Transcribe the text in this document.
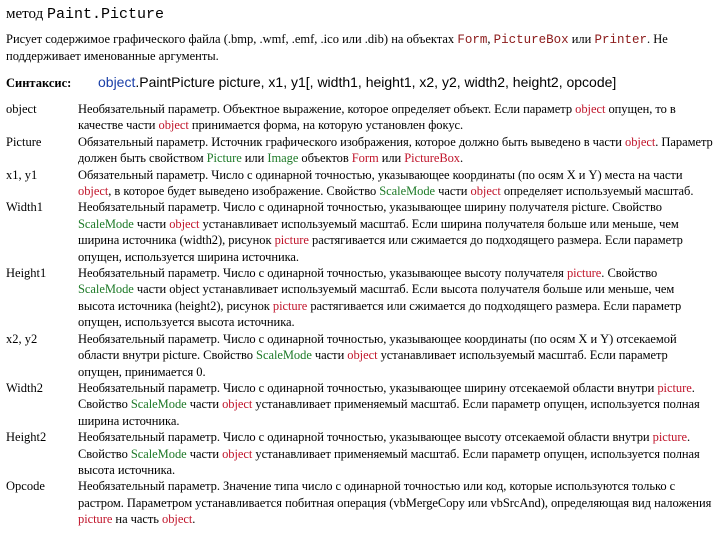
метод Paint.Picture
Рисует содержимое графического файла (.bmp, .wmf, .emf, .ico или .dib) на объектах Form, PictureBox или Printer. Не поддерживает именованные аргументы.
Синтаксис:	object.PaintPicture picture, x1, y1[, width1, height1, x2, y2, width2, height2, opcode]
object	Необязательный параметр. Объектное выражение, которое определяет объект. Если параметр object опущен, то в качестве части object принимается форма, на которую установлен фокус.
Picture	Обязательный параметр. Источник графического изображения, которое должно быть выведено в части object. Параметр должен быть свойством Picture или Image объектов Form или PictureBox.
x1, y1	Обязательный параметр. Число с одинарной точностью, указывающее координаты (по осям X и Y) места на части object, в которое будет выведено изображение. Свойство ScaleMode части object определяет используемый масштаб.
Width1	Необязательный параметр. Число с одинарной точностью, указывающее ширину получателя picture. Свойство ScaleMode части object устанавливает используемый масштаб. Если ширина получателя больше или меньше, чем ширина источника (width2), рисунок picture растягивается или сжимается до подходящего размера. Если параметр опущен, используется ширина источника.
Height1	Необязательный параметр. Число с одинарной точностью, указывающее высоту получателя picture. Свойство ScaleMode части object устанавливает используемый масштаб. Если высота получателя больше или меньше, чем высота источника (height2), рисунок picture растягивается или сжимается до подходящего размера. Если параметр опущен, используется высота источника.
x2, y2	Необязательный параметр. Число с одинарной точностью, указывающее координаты (по осям X и Y) отсекаемой области внутри picture. Свойство ScaleMode части object устанавливает используемый масштаб. Если параметр опущен, принимается 0.
Width2	Необязательный параметр. Число с одинарной точностью, указывающее ширину отсекаемой области внутри picture. Свойство ScaleMode части object устанавливает применяемый масштаб. Если параметр опущен, используется полная ширина источника.
Height2	Необязательный параметр. Число с одинарной точностью, указывающее высоту отсекаемой области внутри picture. Свойство ScaleMode части object устанавливает применяемый масштаб. Если параметр опущен, используется полная высота источника.
Opcode	Необязательный параметр. Значение типа число с одинарной точностью или код, которые используются только с растром. Параметром устанавливается побитная операция (vbMergeCopy или vbSrcAnd), определяющая вид наложения picture на часть object.
